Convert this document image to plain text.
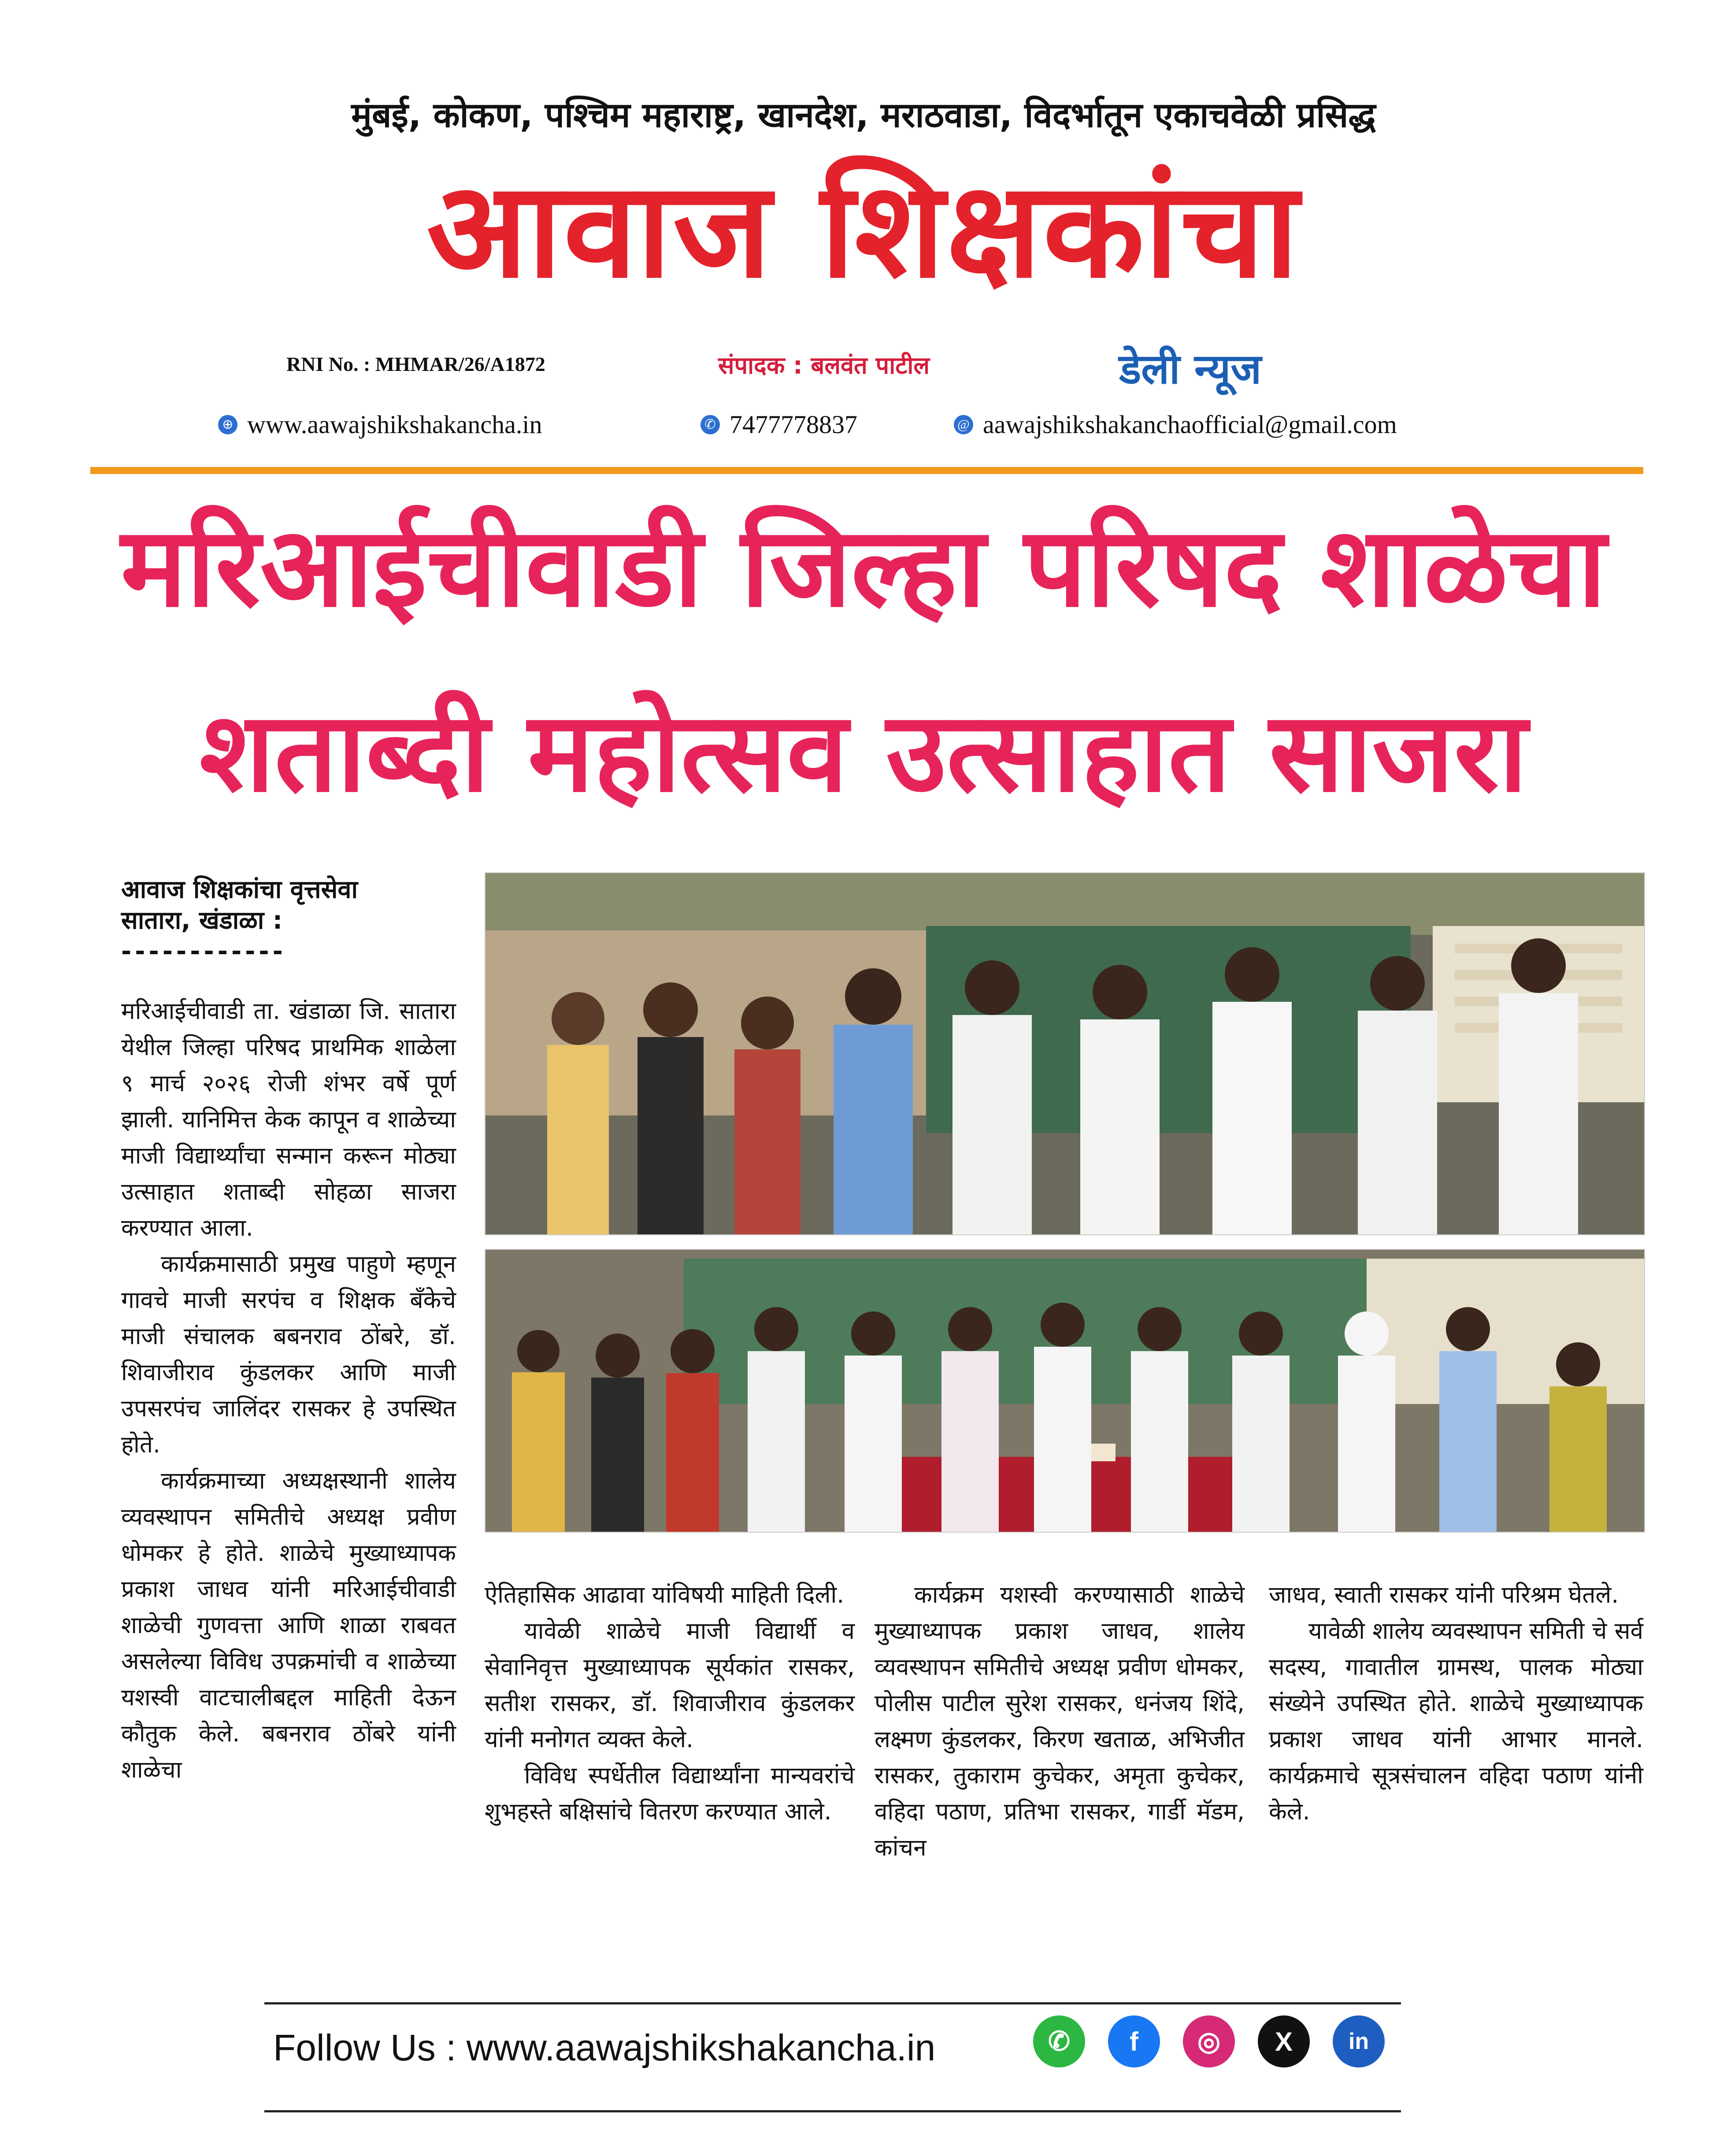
मुंबई, कोकण, पश्चिम महाराष्ट्र, खानदेश, मराठवाडा, विदर्भातून एकाचवेळी प्रसिद्ध
आवाज शिक्षकांचा
RNI No. : MHMAR/26/A1872	संपादक : बलवंत पाटील	डेली न्यूज
⊕ www.aawajshikshakancha.in	✆ 7477778837	@ aawajshikshakanchaofficial@gmail.com
मरिआईचीवाडी जिल्हा परिषद शाळेचा
शताब्दी महोत्सव उत्साहात साजरा
आवाज शिक्षकांचा वृत्तसेवा
सातारा, खंडाळा :
------------

मरिआईचीवाडी ता. खंडाळा जि. सातारा येथील जिल्हा परिषद प्राथमिक शाळेला ९ मार्च २०२६ रोजी शंभर वर्षे पूर्ण झाली. यानिमित्त केक कापून व शाळेच्या माजी विद्यार्थ्यांचा सन्मान करून मोठ्या उत्साहात शताब्दी सोहळा साजरा करण्यात आला.

कार्यक्रमासाठी प्रमुख पाहुणे म्हणून गावचे माजी सरपंच व शिक्षक बँकेचे माजी संचालक बबनराव ठोंबरे, डॉ. शिवाजीराव कुंडलकर आणि माजी उपसरपंच जालिंदर रासकर हे उपस्थित होते.

कार्यक्रमाच्या अध्यक्षस्थानी शालेय व्यवस्थापन समितीचे अध्यक्ष प्रवीण धोमकर हे होते. शाळेचे मुख्याध्यापक प्रकाश जाधव यांनी मरिआईचीवाडी शाळेची गुणवत्ता आणि शाळा राबवत असलेल्या विविध उपक्रमांची व शाळेच्या यशस्वी वाटचालीबद्दल माहिती देऊन कौतुक केले. बबनराव ठोंबरे यांनी शाळेचा

ऐतिहासिक आढावा यांविषयी माहिती दिली.

यावेळी शाळेचे माजी विद्यार्थी व सेवानिवृत्त मुख्याध्यापक सूर्यकांत रासकर, सतीश रासकर, डॉ. शिवाजीराव कुंडलकर यांनी मनोगत व्यक्त केले.

विविध स्पर्धेतील विद्यार्थ्यांना मान्यवरांचे शुभहस्ते बक्षिसांचे वितरण करण्यात आले.

कार्यक्रम यशस्वी करण्यासाठी शाळेचे मुख्याध्यापक प्रकाश जाधव, शालेय व्यवस्थापन समितीचे अध्यक्ष प्रवीण धोमकर, पोलीस पाटील सुरेश रासकर, धनंजय शिंदे, लक्ष्मण कुंडलकर, किरण खताळ, अभिजीत रासकर, तुकाराम कुचेकर, अमृता कुचेकर, वहिदा पठाण, प्रतिभा रासकर, गार्डी मॅडम, कांचन

जाधव, स्वाती रासकर यांनी परिश्रम घेतले.

यावेळी शालेय व्यवस्थापन समिती चे सर्व सदस्य, गावातील ग्रामस्थ, पालक मोठ्या संख्येने उपस्थित होते. शाळेचे मुख्याध्यापक प्रकाश जाधव यांनी आभार मानले. कार्यक्रमाचे सूत्रसंचालन वहिदा पठाण यांनी केले.

Follow Us : www.aawajshikshakancha.in	✆	f	◎	X	in
